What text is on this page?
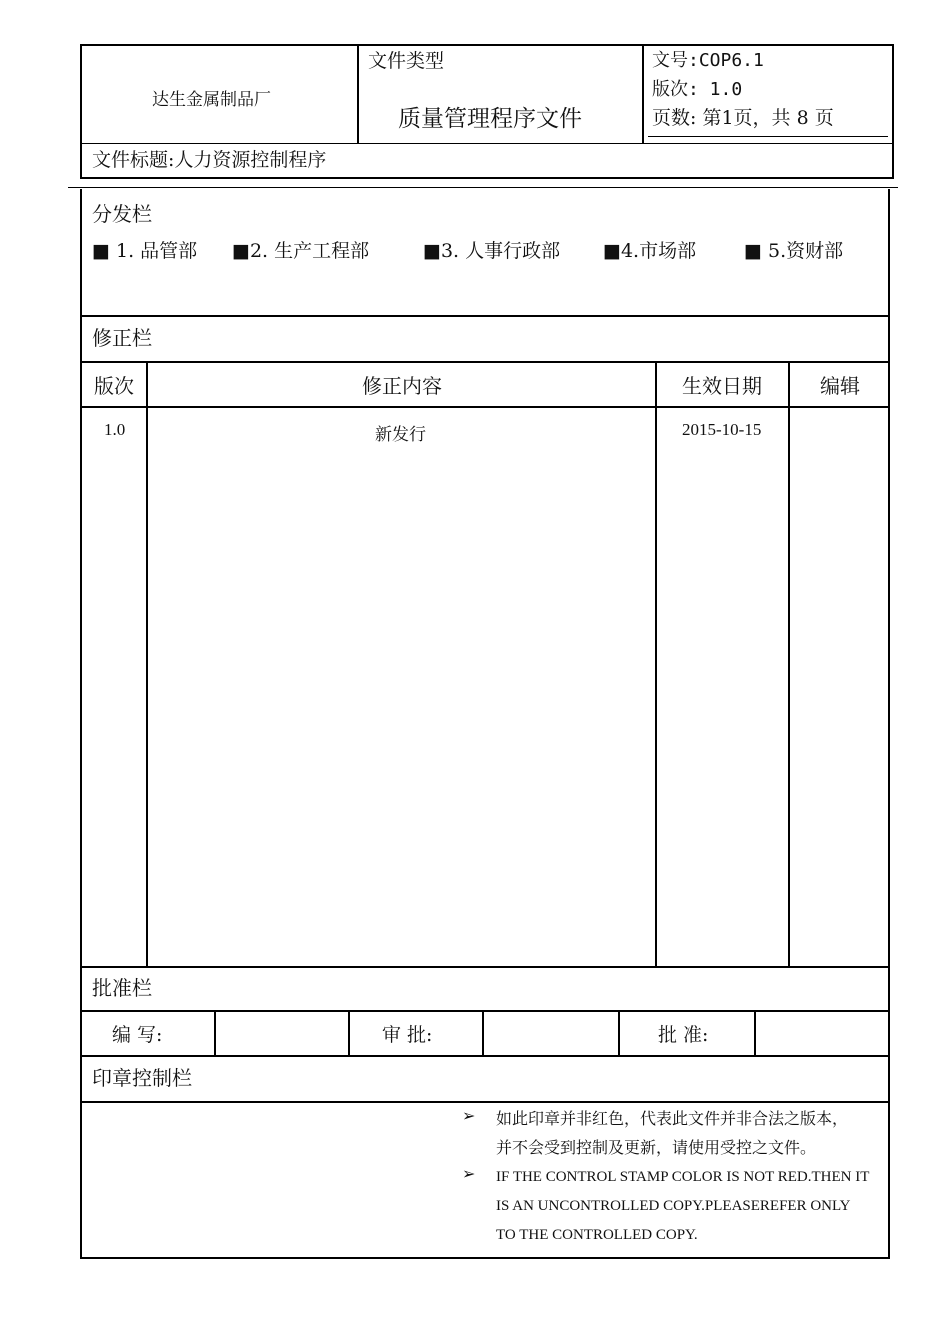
达生金属制品厂
文件类型
质量管理程序文件
文号:COP6.1
版次: 1.0
页数: 第1页，共 8 页
文件标题:人力资源控制程序
分发栏
■ 1. 品管部 ■2. 生产工程部	■3. 人事行政部 ■4.市场部	■ 5.资财部
修正栏
版次	修正内容	生效日期	编辑
1.0	新发行	2015-10-15
批准栏
编 写:	审 批:	批 准:
印章控制栏
➢ 如此印章并非红色，代表此文件并非合法之版本，
并不会受到控制及更新，请使用受控之文件。
➢ IF THE CONTROL STAMP COLOR IS NOT RED.THEN IT
IS AN UNCONTROLLED COPY.PLEASEREFER ONLY
TO THE CONTROLLED COPY.
